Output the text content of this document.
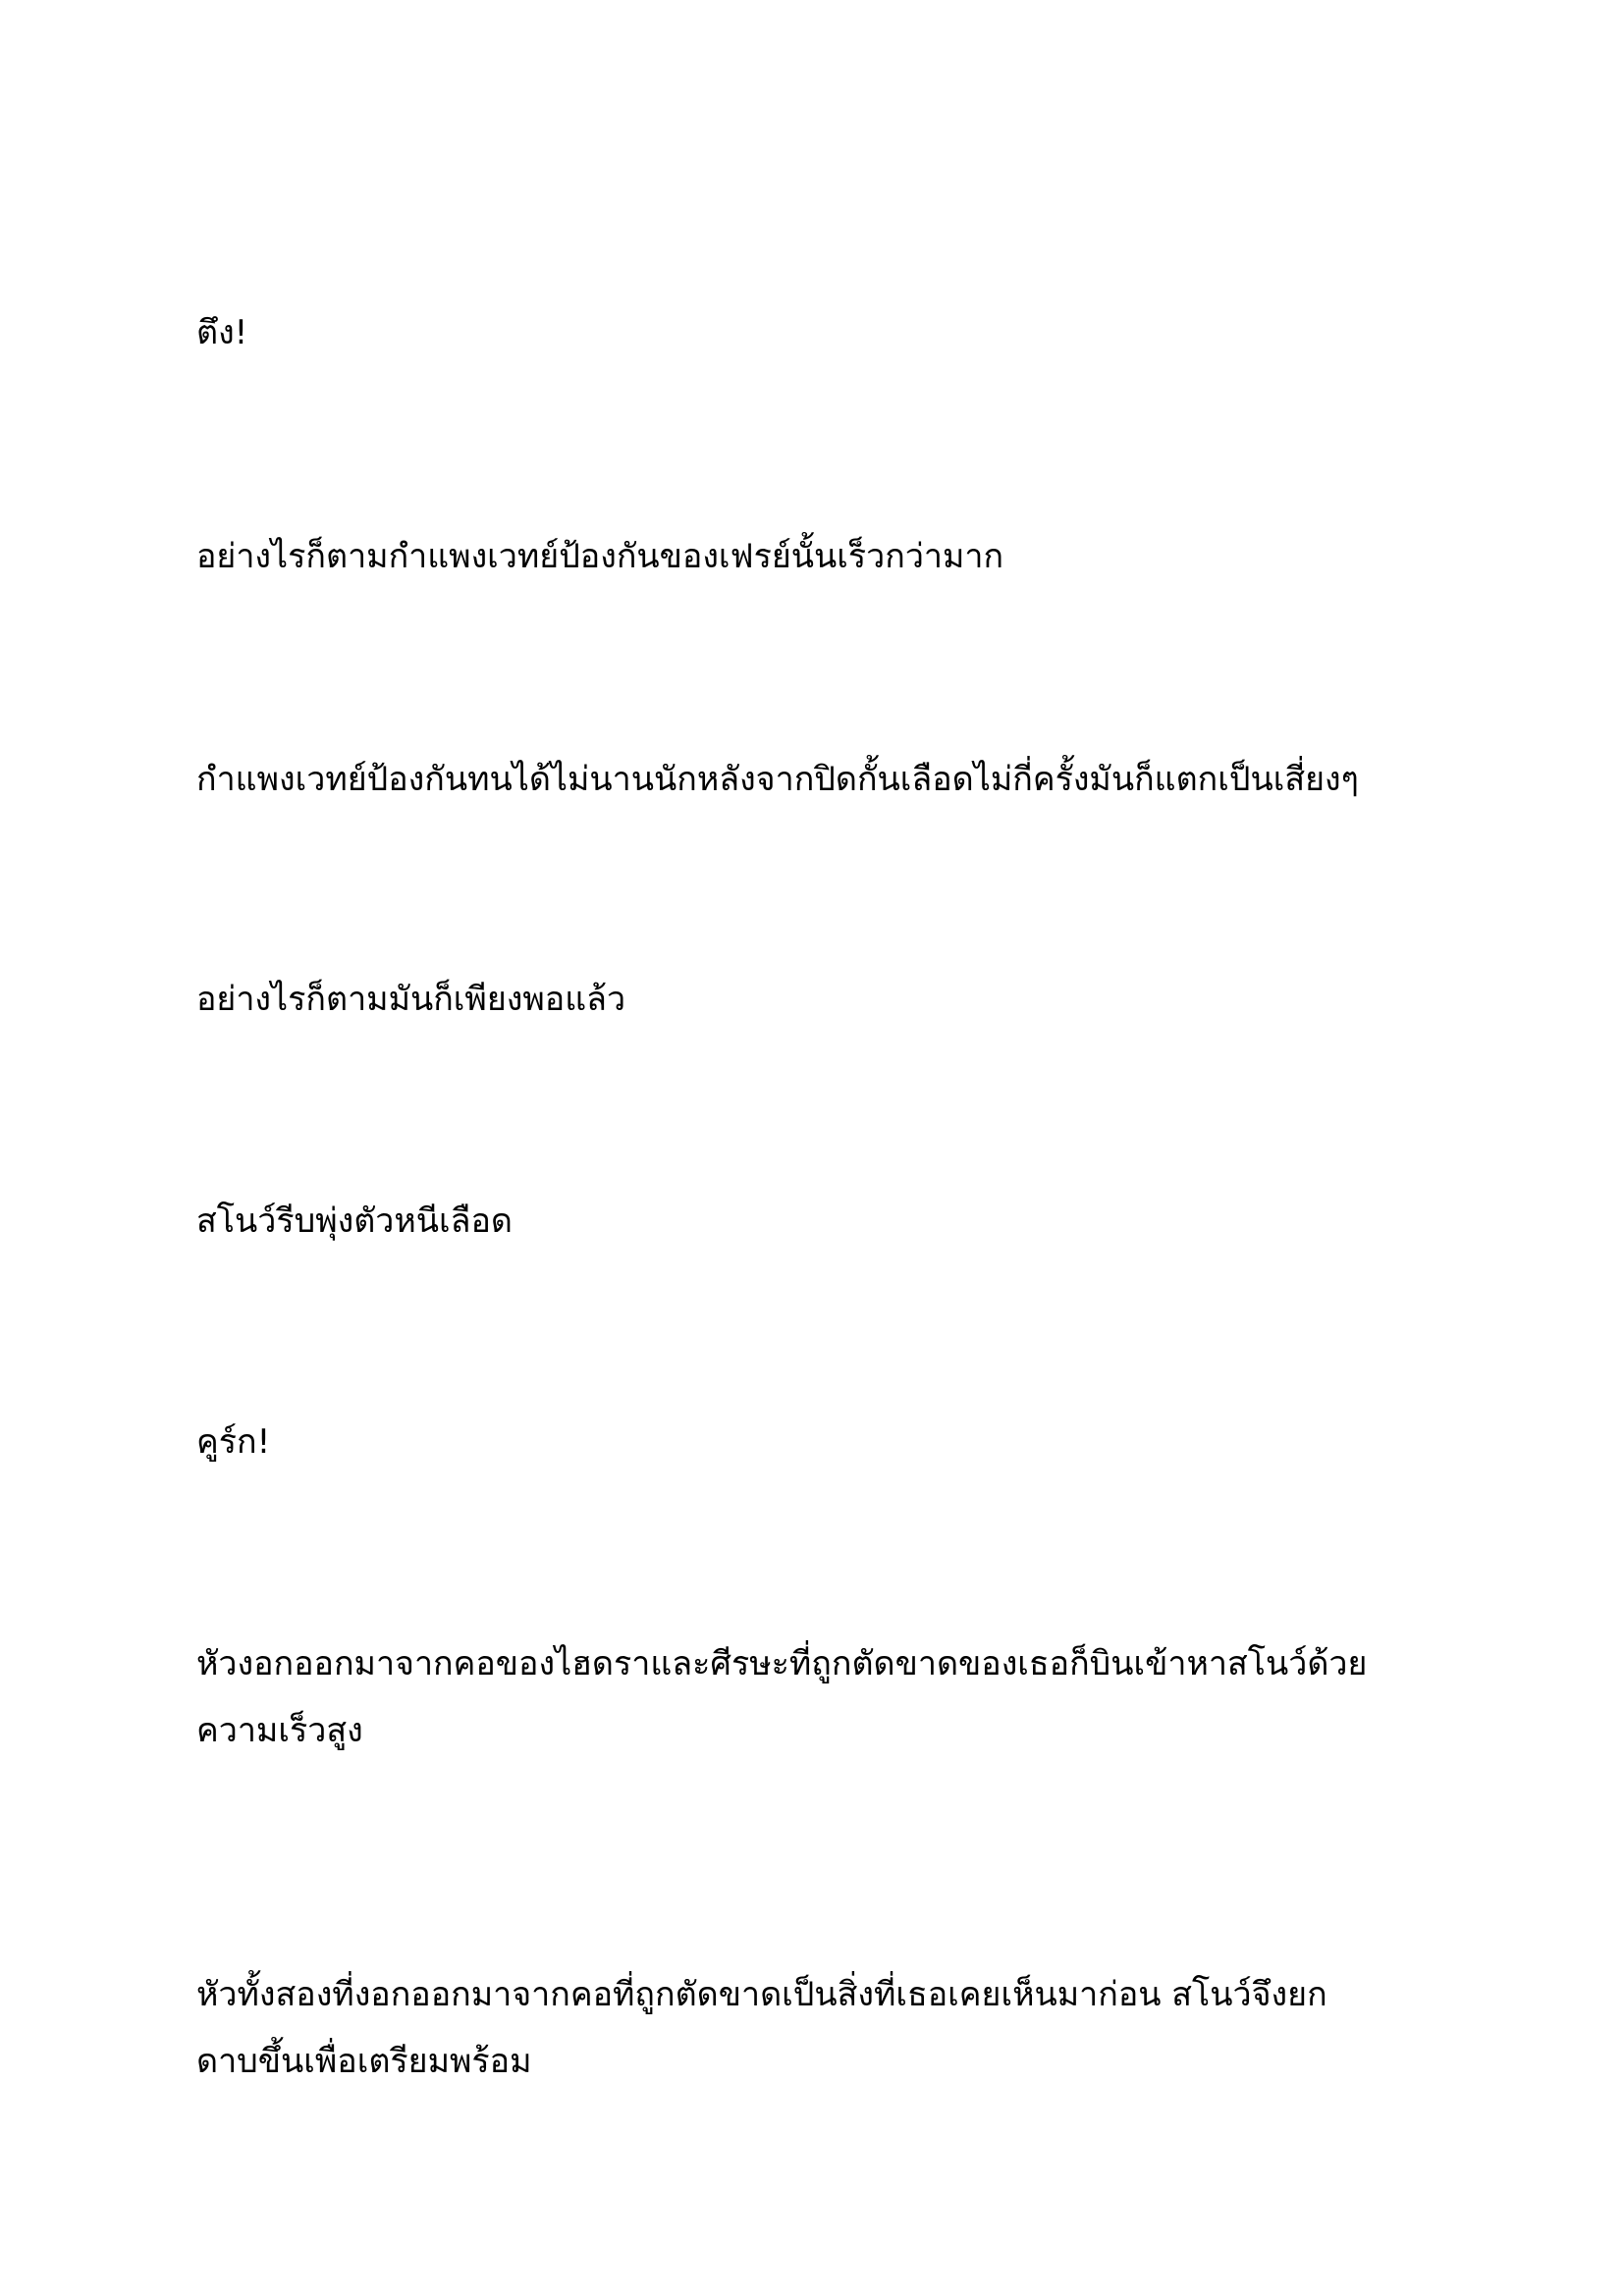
ตึง!

อย่างไรก็ตามกำแพงเวทย์ป้องกันของเฟรย์นั้นเร็วกว่ามาก

กำแพงเวทย์ป้องกันทนได้ไม่นานนักหลังจากปิดกั้นเลือดไม่กี่ครั้งมันก็แตกเป็นเสี่ยงๆ

อย่างไรก็ตามมันก็เพียงพอแล้ว

สโนว์รีบพุ่งตัวหนีเลือด

คูร์ก!

หัวงอกออกมาจากคอของไฮดราและศีรษะที่ถูกตัดขาดของเธอก็บินเข้าหาสโนว์ด้วย
ความเร็วสูง

หัวทั้งสองที่งอกออกมาจากคอที่ถูกตัดขาดเป็นสิ่งที่เธอเคยเห็นมาก่อน สโนว์จึงยก
ดาบขึ้นเพื่อเตรียมพร้อม
